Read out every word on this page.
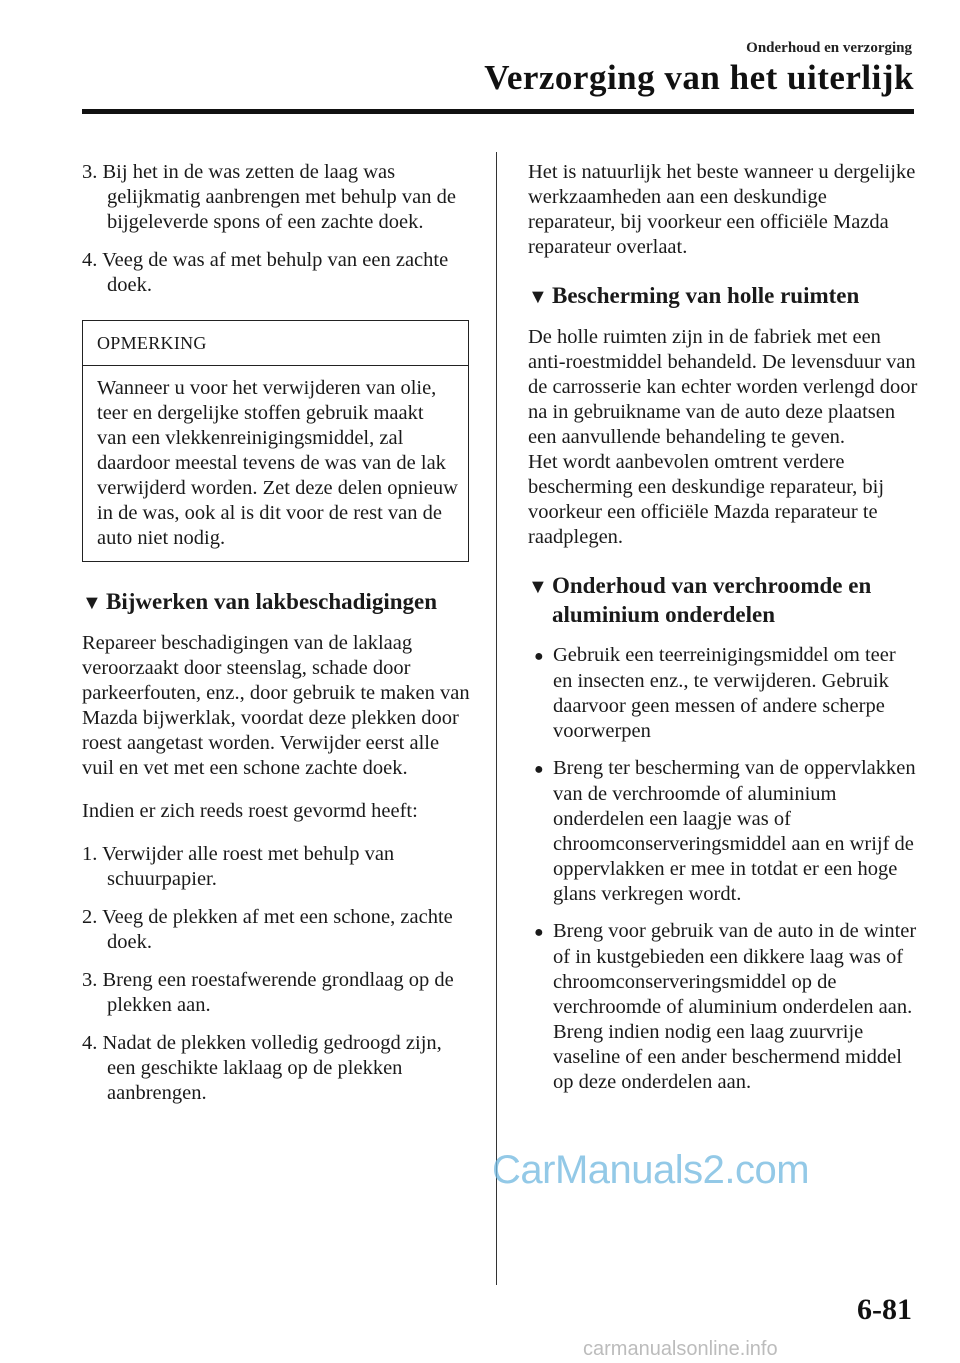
Onderhoud en verzorging
Verzorging van het uiterlijk
3. Bij het in de was zetten de laag was gelijkmatig aanbrengen met behulp van de bijgeleverde spons of een zachte doek.
4. Veeg de was af met behulp van een zachte doek.
OPMERKING
Wanneer u voor het verwijderen van olie, teer en dergelijke stoffen gebruik maakt van een vlekkenreinigingsmiddel, zal daardoor meestal tevens de was van de lak verwijderd worden. Zet deze delen opnieuw in de was, ook al is dit voor de rest van de auto niet nodig.
▼ Bijwerken van lakbeschadigingen
Repareer beschadigingen van de laklaag veroorzaakt door steenslag, schade door parkeerfouten, enz., door gebruik te maken van Mazda bijwerklak, voordat deze plekken door roest aangetast worden. Verwijder eerst alle vuil en vet met een schone zachte doek.
Indien er zich reeds roest gevormd heeft:
1. Verwijder alle roest met behulp van schuurpapier.
2. Veeg de plekken af met een schone, zachte doek.
3. Breng een roestafwerende grondlaag op de plekken aan.
4. Nadat de plekken volledig gedroogd zijn, een geschikte laklaag op de plekken aanbrengen.
Het is natuurlijk het beste wanneer u dergelijke werkzaamheden aan een deskundige reparateur, bij voorkeur een officiële Mazda reparateur overlaat.
▼ Bescherming van holle ruimten
De holle ruimten zijn in de fabriek met een anti-roestmiddel behandeld. De levensduur van de carrosserie kan echter worden verlengd door na in gebruikname van de auto deze plaatsen een aanvullende behandeling te geven.
Het wordt aanbevolen omtrent verdere bescherming een deskundige reparateur, bij voorkeur een officiële Mazda reparateur te raadplegen.
▼ Onderhoud van verchroomde en aluminium onderdelen
● Gebruik een teerreinigingsmiddel om teer en insecten enz., te verwijderen. Gebruik daarvoor geen messen of andere scherpe voorwerpen
● Breng ter bescherming van de oppervlakken van de verchroomde of aluminium onderdelen een laagje was of chroomconserveringsmiddel aan en wrijf de oppervlakken er mee in totdat er een hoge glans verkregen wordt.
● Breng voor gebruik van de auto in de winter of in kustgebieden een dikkere laag was of chroomconserveringsmiddel op de verchroomde of aluminium onderdelen aan. Breng indien nodig een laag zuurvrije vaseline of een ander beschermend middel op deze onderdelen aan.
6-81
CarManuals2.com
carmanualsonline.info
